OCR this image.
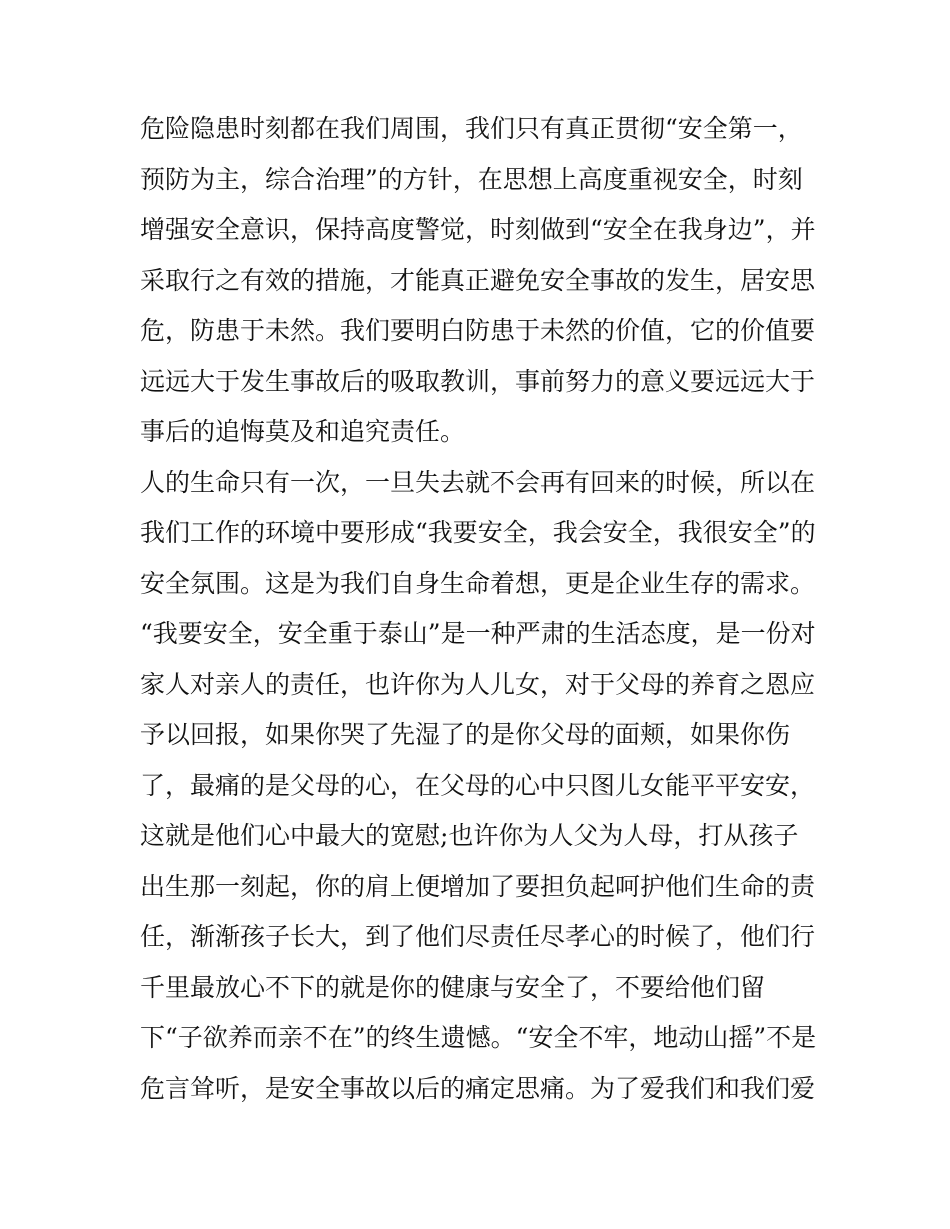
危险隐患时刻都在我们周围，我们只有真正贯彻“安全第一，
预防为主，综合治理”的方针，在思想上高度重视安全，时刻
增强安全意识，保持高度警觉，时刻做到“安全在我身边”，并
采取行之有效的措施，才能真正避免安全事故的发生，居安思
危，防患于未然。我们要明白防患于未然的价值，它的价值要
远远大于发生事故后的吸取教训，事前努力的意义要远远大于
事后的追悔莫及和追究责任。
人的生命只有一次，一旦失去就不会再有回来的时候，所以在
我们工作的环境中要形成“我要安全，我会安全，我很安全”的
安全氛围。这是为我们自身生命着想，更是企业生存的需求。
“我要安全，安全重于泰山”是一种严肃的生活态度，是一份对
家人对亲人的责任，也许你为人儿女，对于父母的养育之恩应
予以回报，如果你哭了先湿了的是你父母的面颊，如果你伤
了，最痛的是父母的心，在父母的心中只图儿女能平平安安，
这就是他们心中最大的宽慰;也许你为人父为人母，打从孩子
出生那一刻起，你的肩上便增加了要担负起呵护他们生命的责
任，渐渐孩子长大，到了他们尽责任尽孝心的时候了，他们行
千里最放心不下的就是你的健康与安全了，不要给他们留
下“子欲养而亲不在”的终生遗憾。“安全不牢，地动山摇”不是
危言耸听，是安全事故以后的痛定思痛。为了爱我们和我们爱
